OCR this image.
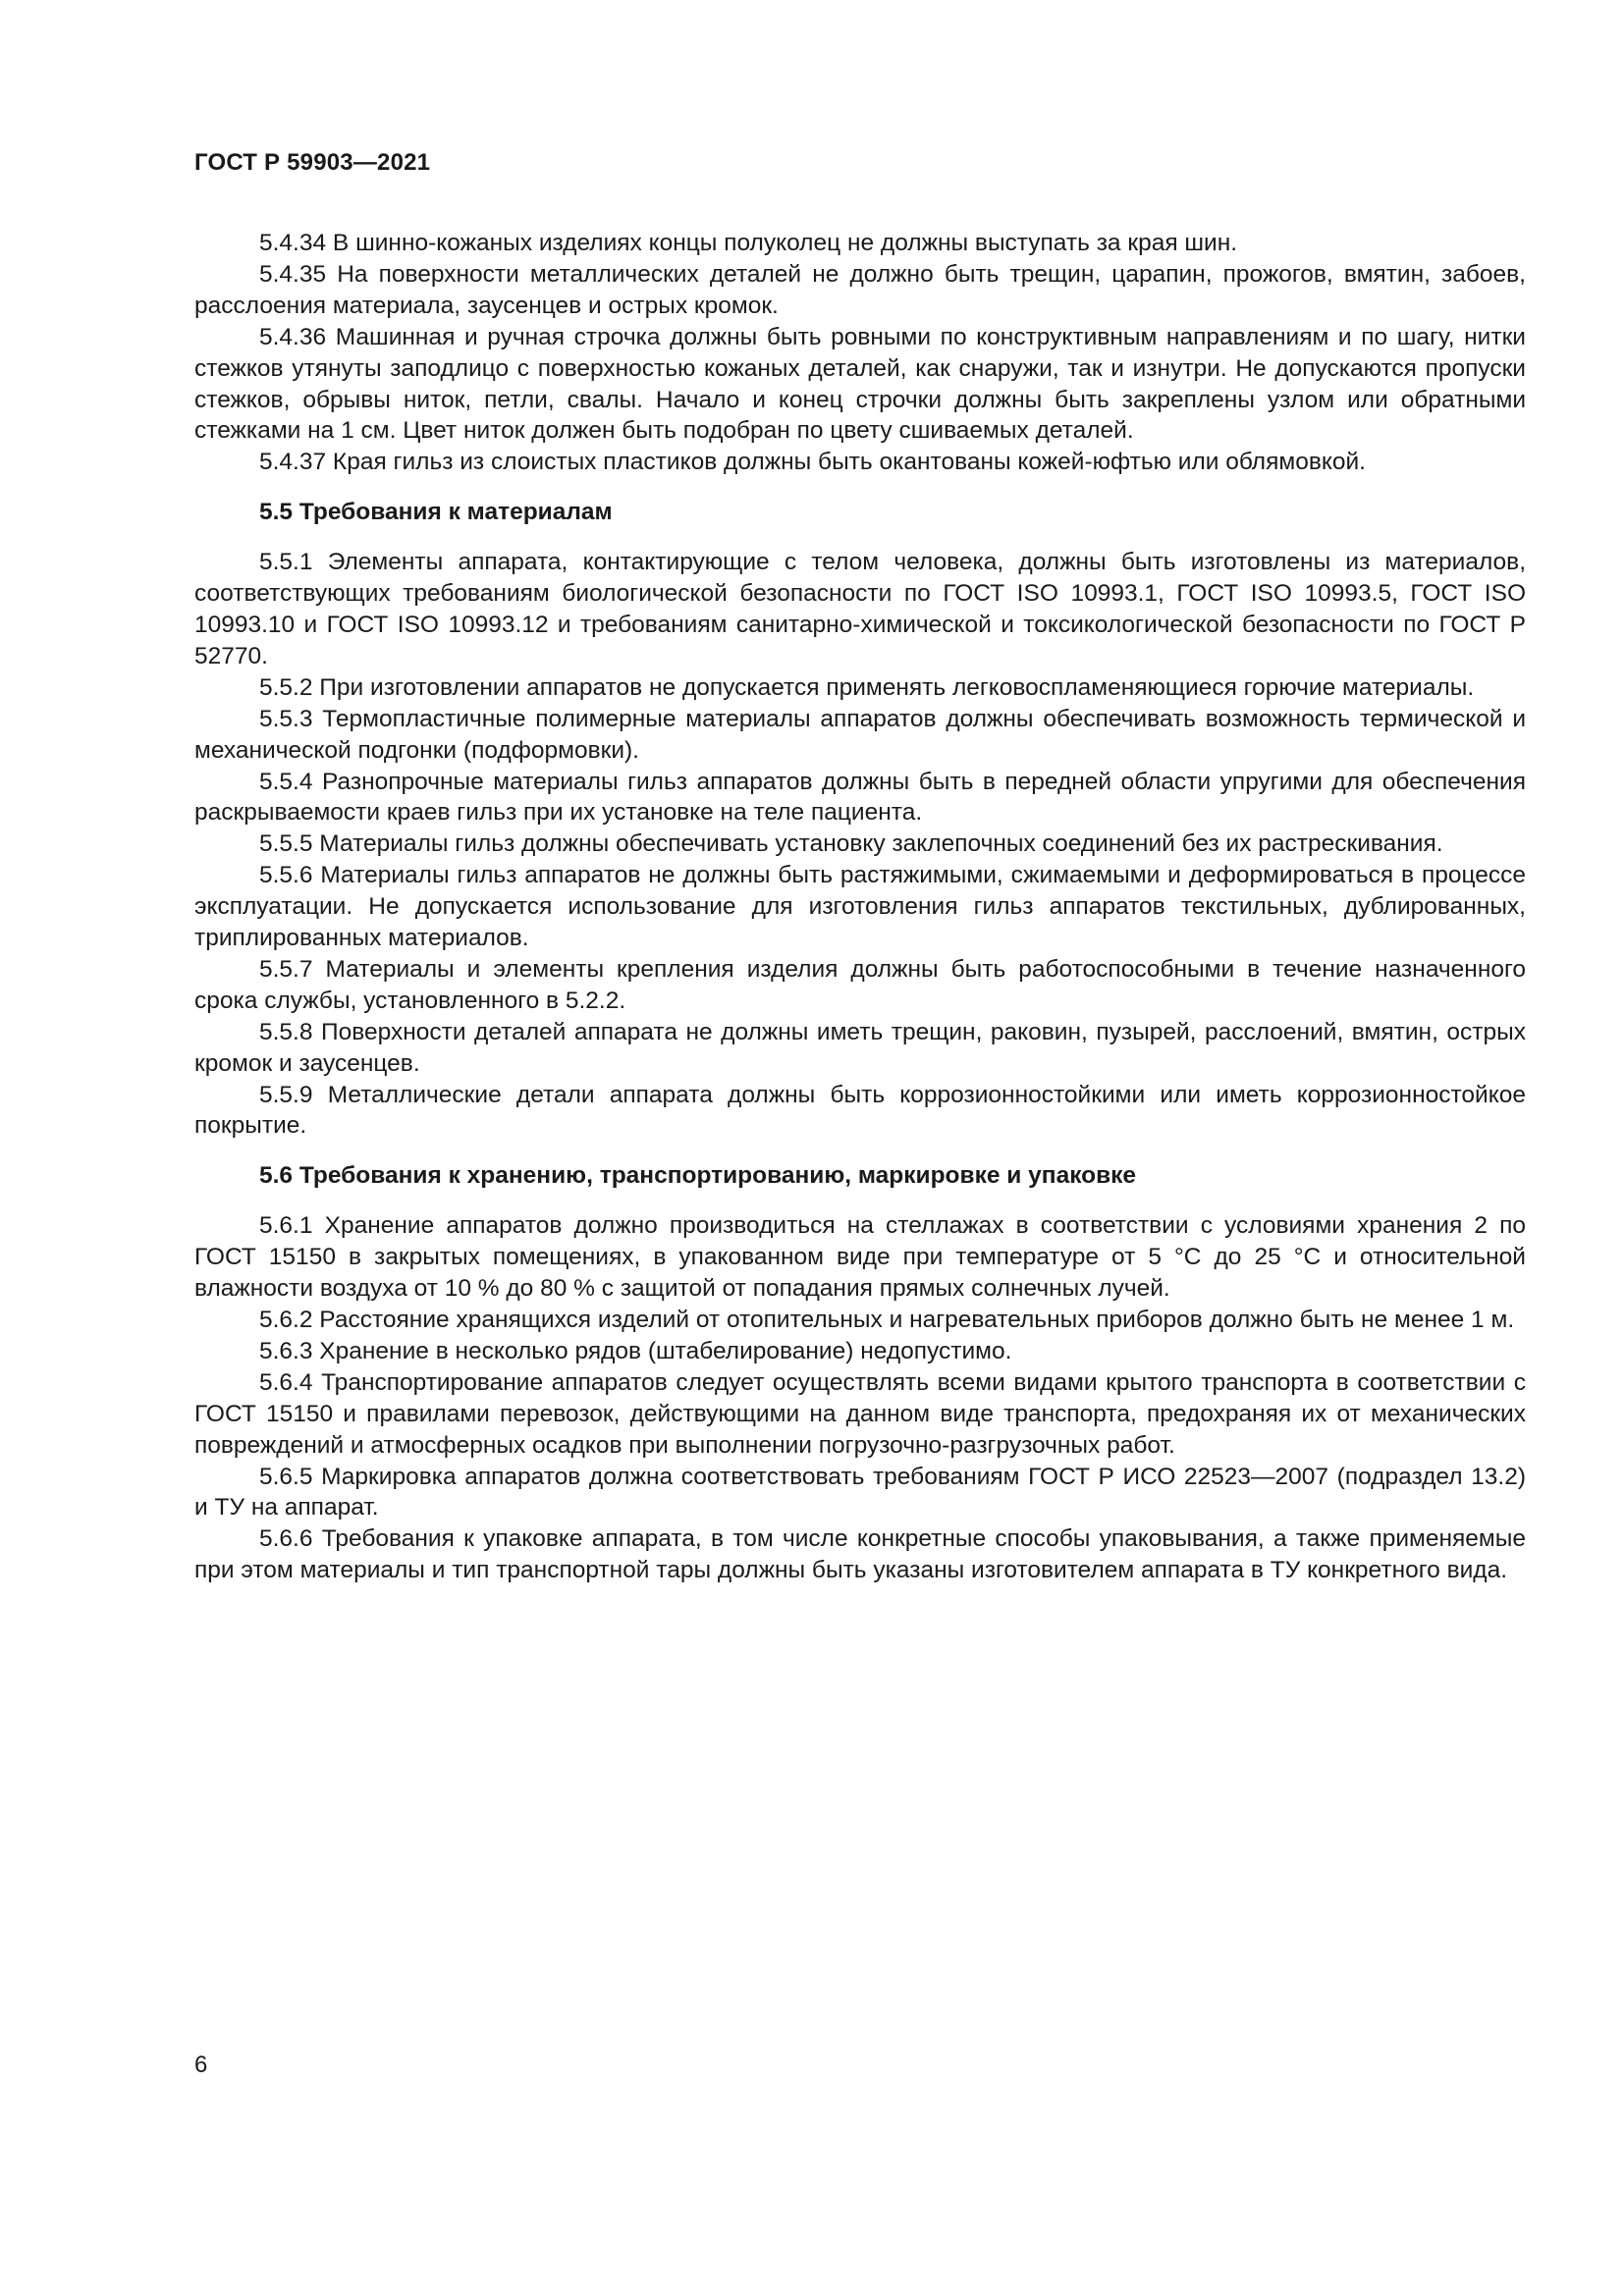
ГОСТ Р 59903—2021

5.4.34 В шинно-кожаных изделиях концы полуколец не должны выступать за края шин.

5.4.35 На поверхности металлических деталей не должно быть трещин, царапин, прожогов, вмятин, забоев, расслоения материала, заусенцев и острых кромок.

5.4.36 Машинная и ручная строчка должны быть ровными по конструктивным направлениям и по шагу, нитки стежков утянуты заподлицо с поверхностью кожаных деталей, как снаружи, так и изнутри. Не допускаются пропуски стежков, обрывы ниток, петли, свалы. Начало и конец строчки должны быть закреплены узлом или обратными стежками на 1 см. Цвет ниток должен быть подобран по цвету сшиваемых деталей.

5.4.37 Края гильз из слоистых пластиков должны быть окантованы кожей-юфтью или облямовкой.

5.5 Требования к материалам

5.5.1 Элементы аппарата, контактирующие с телом человека, должны быть изготовлены из материалов, соответствующих требованиям биологической безопасности по ГОСТ ISO 10993.1, ГОСТ ISO 10993.5, ГОСТ ISO 10993.10 и ГОСТ ISO 10993.12 и требованиям санитарно-химической и токсикологической безопасности по ГОСТ Р 52770.

5.5.2 При изготовлении аппаратов не допускается применять легковоспламеняющиеся горючие материалы.

5.5.3 Термопластичные полимерные материалы аппаратов должны обеспечивать возможность термической и механической подгонки (подформовки).

5.5.4 Разнопрочные материалы гильз аппаратов должны быть в передней области упругими для обеспечения раскрываемости краев гильз при их установке на теле пациента.

5.5.5 Материалы гильз должны обеспечивать установку заклепочных соединений без их растрескивания.

5.5.6 Материалы гильз аппаратов не должны быть растяжимыми, сжимаемыми и деформироваться в процессе эксплуатации. Не допускается использование для изготовления гильз аппаратов текстильных, дублированных, триплированных материалов.

5.5.7 Материалы и элементы крепления изделия должны быть работоспособными в течение назначенного срока службы, установленного в 5.2.2.

5.5.8 Поверхности деталей аппарата не должны иметь трещин, раковин, пузырей, расслоений, вмятин, острых кромок и заусенцев.

5.5.9 Металлические детали аппарата должны быть коррозионностойкими или иметь коррозионностойкое покрытие.

5.6 Требования к хранению, транспортированию, маркировке и упаковке

5.6.1 Хранение аппаратов должно производиться на стеллажах в соответствии с условиями хранения 2 по ГОСТ 15150 в закрытых помещениях, в упакованном виде при температуре от 5 °C до 25 °C и относительной влажности воздуха от 10 % до 80 % с защитой от попадания прямых солнечных лучей.

5.6.2 Расстояние хранящихся изделий от отопительных и нагревательных приборов должно быть не менее 1 м.

5.6.3 Хранение в несколько рядов (штабелирование) недопустимо.

5.6.4 Транспортирование аппаратов следует осуществлять всеми видами крытого транспорта в соответствии с ГОСТ 15150 и правилами перевозок, действующими на данном виде транспорта, предохраняя их от механических повреждений и атмосферных осадков при выполнении погрузочно-разгрузочных работ.

5.6.5 Маркировка аппаратов должна соответствовать требованиям ГОСТ Р ИСО 22523—2007 (подраздел 13.2) и ТУ на аппарат.

5.6.6 Требования к упаковке аппарата, в том числе конкретные способы упаковывания, а также применяемые при этом материалы и тип транспортной тары должны быть указаны изготовителем аппарата в ТУ конкретного вида.

6
